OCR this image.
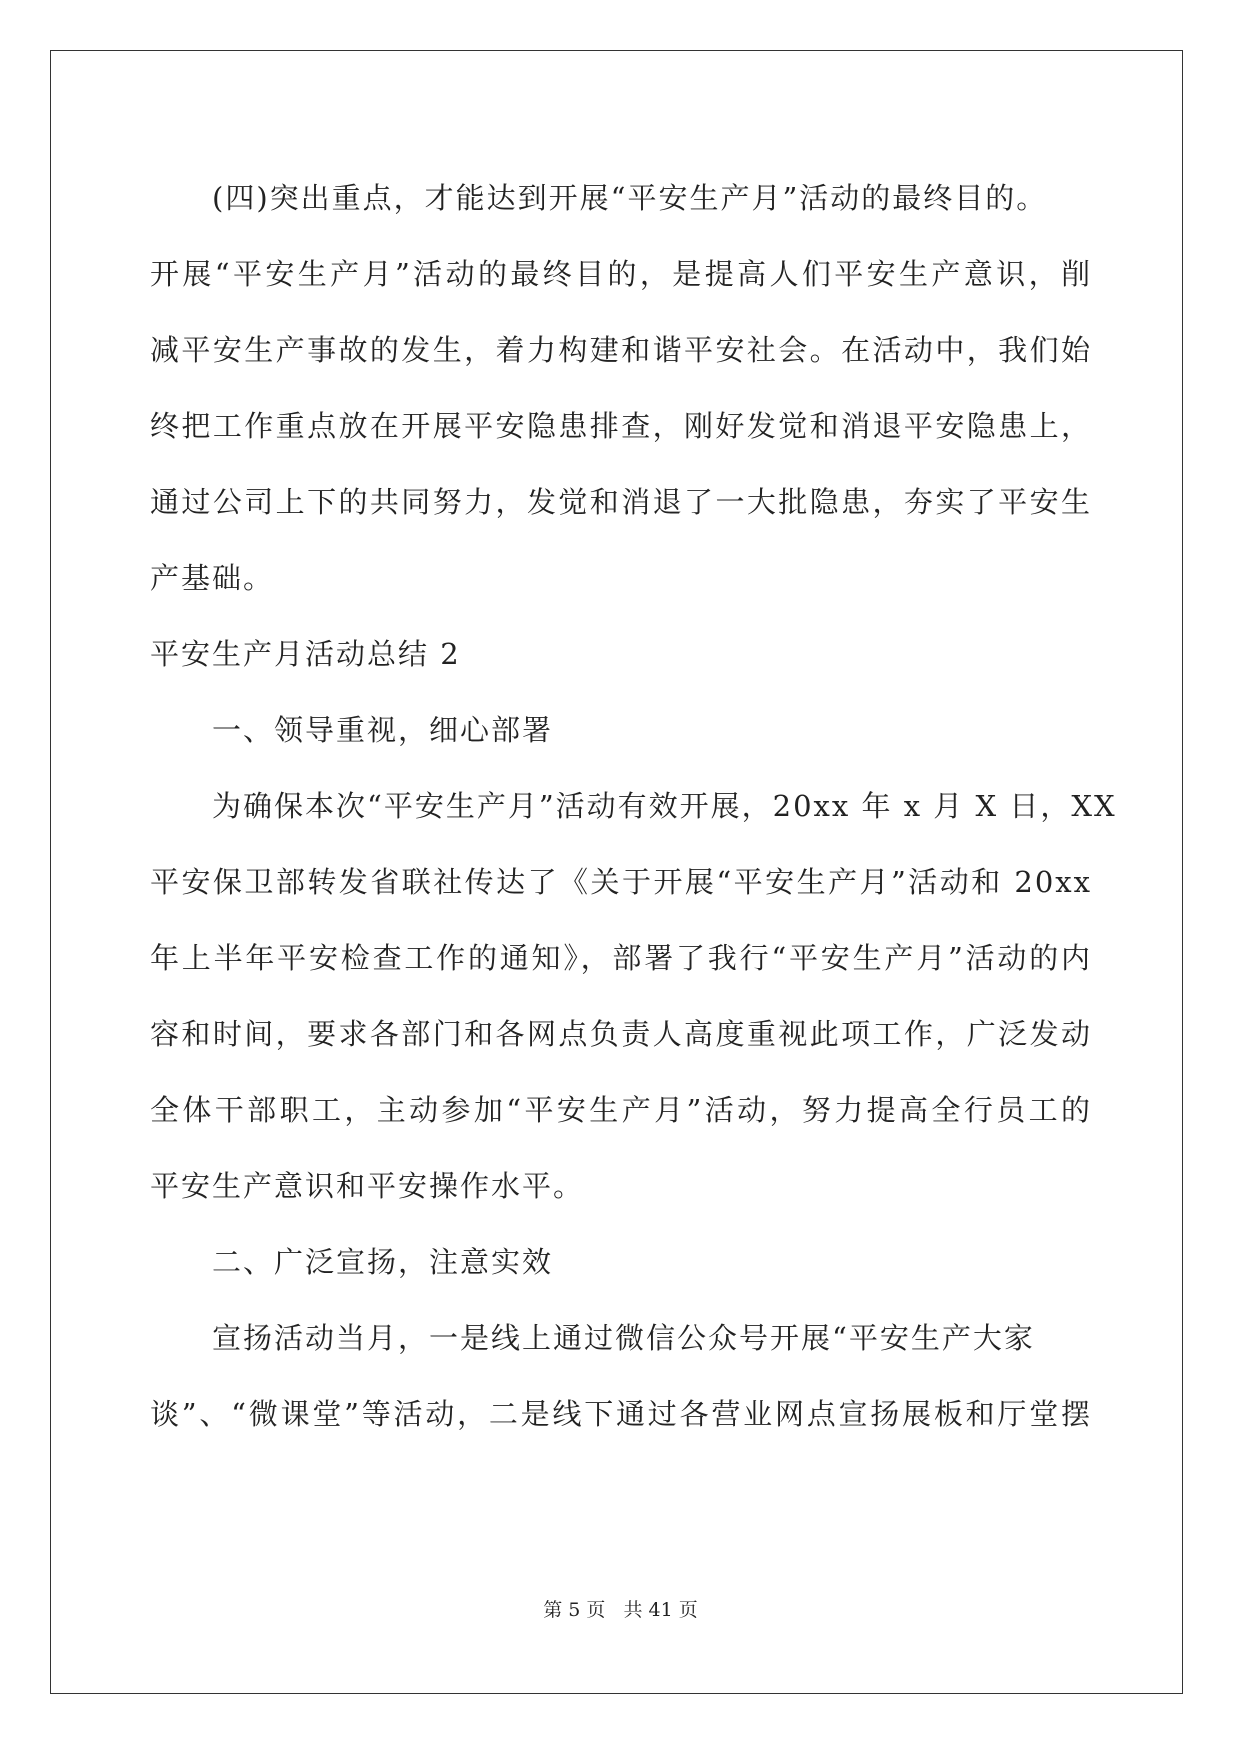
(四)突出重点，才能达到开展“平安生产月”活动的最终目的。
开展“平安生产月”活动的最终目的，是提高人们平安生产意识，削
减平安生产事故的发生，着力构建和谐平安社会。在活动中，我们始
终把工作重点放在开展平安隐患排查，刚好发觉和消退平安隐患上，
通过公司上下的共同努力，发觉和消退了一大批隐患，夯实了平安生
产基础。
平安生产月活动总结 2
一、领导重视，细心部署
为确保本次“平安生产月”活动有效开展，20xx 年 x 月 X 日，XX
平安保卫部转发省联社传达了《关于开展“平安生产月”活动和 20xx
年上半年平安检查工作的通知》，部署了我行“平安生产月”活动的内
容和时间，要求各部门和各网点负责人高度重视此项工作，广泛发动
全体干部职工，主动参加“平安生产月”活动，努力提高全行员工的
平安生产意识和平安操作水平。
二、广泛宣扬，注意实效
宣扬活动当月，一是线上通过微信公众号开展“平安生产大家
谈”、“微课堂”等活动，二是线下通过各营业网点宣扬展板和厅堂摆
第 5 页 共 41 页
